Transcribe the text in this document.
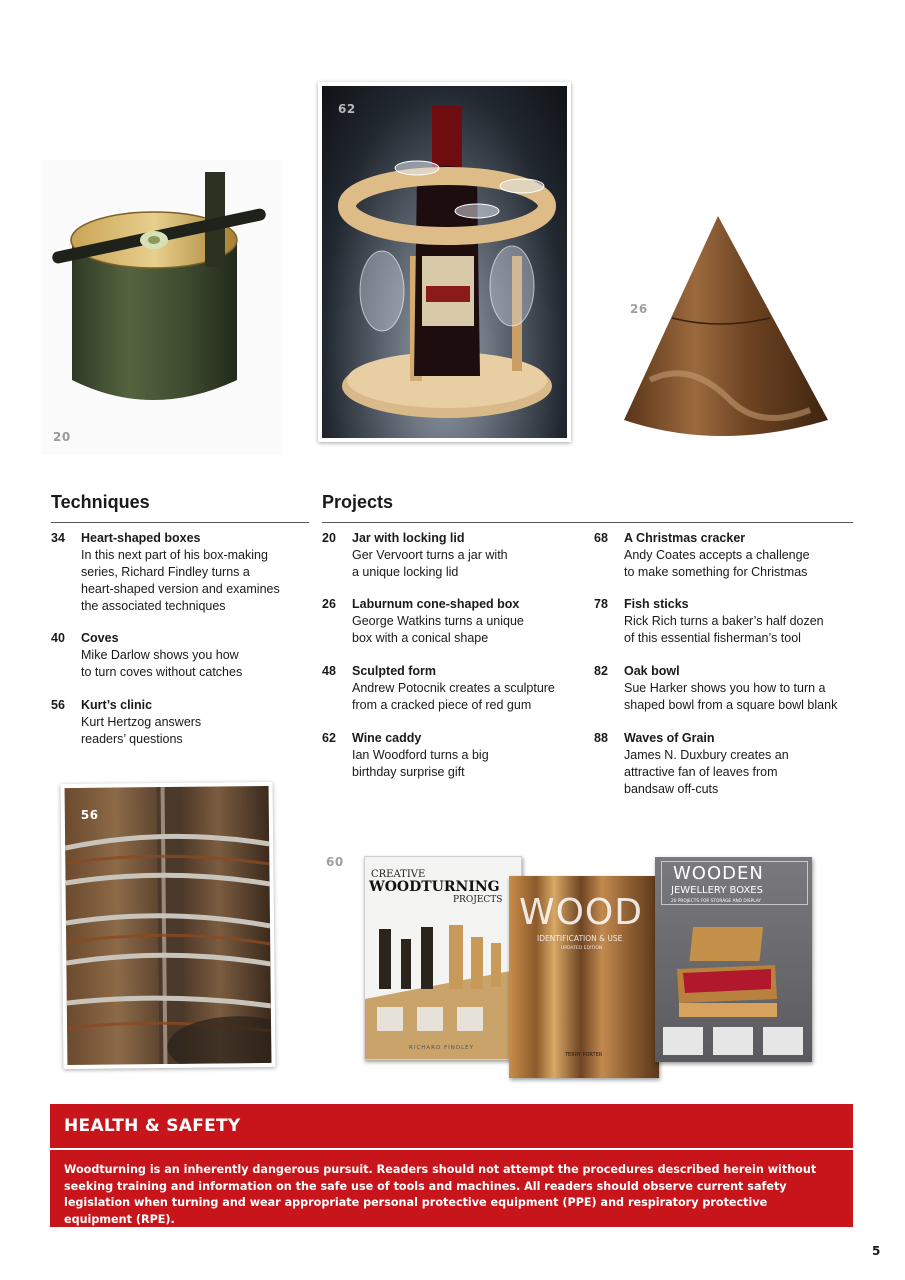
20
62
26
Techniques
34 Heart-shaped boxes
In this next part of his box-making
series, Richard Findley turns a
heart-shaped version and examines
the associated techniques
40 Coves
Mike Darlow shows you how
to turn coves without catches
56 Kurt’s clinic
Kurt Hertzog answers
readers’ questions
Projects
20 Jar with locking lid
Ger Vervoort turns a jar with
a unique locking lid
26 Laburnum cone-shaped box
George Watkins turns a unique
box with a conical shape
48 Sculpted form
Andrew Potocnik creates a sculpture
from a cracked piece of red gum
62 Wine caddy
Ian Woodford turns a big
birthday surprise gift
68 A Christmas cracker
Andy Coates accepts a challenge
to make something for Christmas
78 Fish sticks
Rick Rich turns a baker’s half dozen
of this essential fisherman’s tool
82 Oak bowl
Sue Harker shows you how to turn a
shaped bowl from a square bowl blank
88 Waves of Grain
James N. Duxbury creates an
attractive fan of leaves from
bandsaw off-cuts
56
60
CREATIVE
WOODTURNING
PROJECTS
RICHARD FINDLEY
WOOD
IDENTIFICATION & USE
UPDATED EDITION
TERRY PORTER
WOODEN
JEWELLERY BOXES
20 PROJECTS FOR STORAGE AND DISPLAY
HEALTH & SAFETY
Woodturning is an inherently dangerous pursuit. Readers should not attempt the procedures described herein without seeking training and information on the safe use of tools and machines. All readers should observe current safety legislation when turning and wear appropriate personal protective equipment (PPE) and respiratory protective equipment (RPE).
5
